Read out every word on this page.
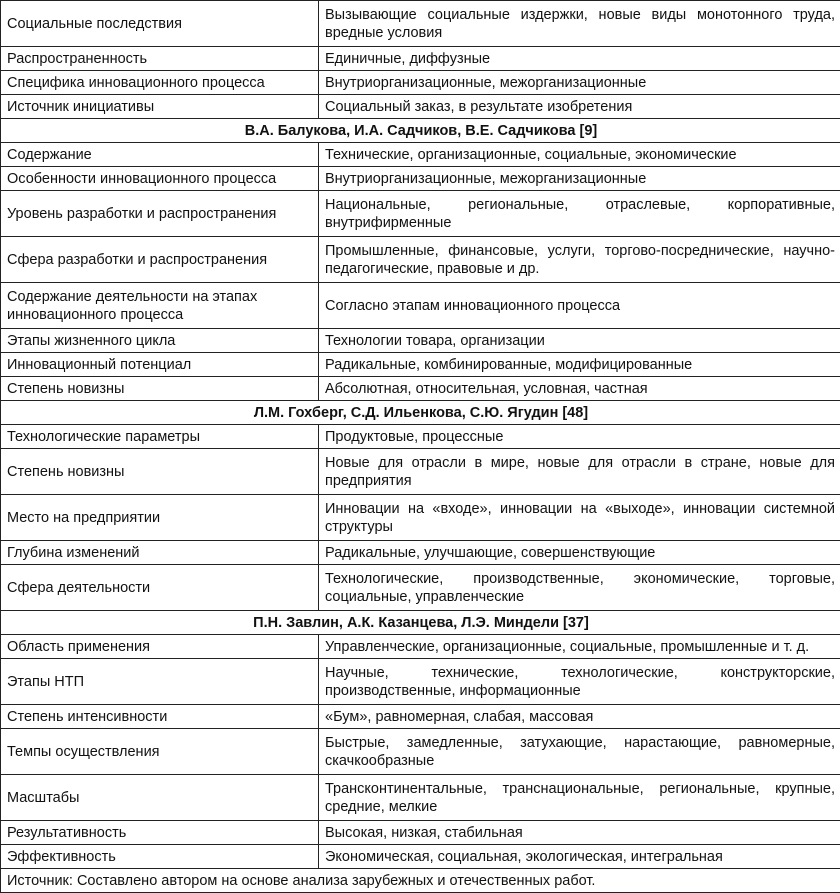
Социальные последствия	Вызывающие социальные издержки, новые виды монотонного труда, вредные условия
Распространенность	Единичные, диффузные
Специфика инновационного процесса	Внутриорганизационные, межорганизационные
Источник инициативы	Социальный заказ, в результате изобретения
В.А. Балукова, И.А. Садчиков, В.Е. Садчикова [9]	
Содержание	Технические, организационные, социальные, экономические
Особенности инновационного процесса	Внутриорганизационные, межорганизационные
Уровень разработки и распространения	Национальные, региональные, отраслевые, корпоративные, внутрифирменные
Сфера разработки и распространения	Промышленные, финансовые, услуги, торгово-посреднические, научно-педагогические, правовые и др.
Содержание деятельности на этапах инновационного процесса	Согласно этапам инновационного процесса
Этапы жизненного цикла	Технологии товара, организации
Инновационный потенциал	Радикальные, комбинированные, модифицированные
Степень новизны	Абсолютная, относительная, условная, частная
Л.М. Гохберг, С.Д. Ильенкова, С.Ю. Ягудин [48]	
Технологические параметры	Продуктовые, процессные
Степень новизны	Новые для отрасли в мире, новые для отрасли в стране, новые для предприятия
Место на предприятии	Инновации на «входе», инновации на «выходе», инновации системной структуры
Глубина изменений	Радикальные, улучшающие, совершенствующие
Сфера деятельности	Технологические, производственные, экономические, торговые, социальные, управленческие
П.Н. Завлин, А.К. Казанцева, Л.Э. Миндели [37]	
Область применения	Управленческие, организационные, социальные, промышленные и т. д.
Этапы НТП	Научные, технические, технологические, конструкторские, производственные, информационные
Степень интенсивности	«Бум», равномерная, слабая, массовая
Темпы осуществления	Быстрые, замедленные, затухающие, нарастающие, равномерные, скачкообразные
Масштабы	Трансконтинентальные, транснациональные, региональные, крупные, средние, мелкие
Результативность	Высокая, низкая, стабильная
Эффективность	Экономическая, социальная, экологическая, интегральная
Источник: Составлено автором на основе анализа зарубежных и отечественных работ.	
